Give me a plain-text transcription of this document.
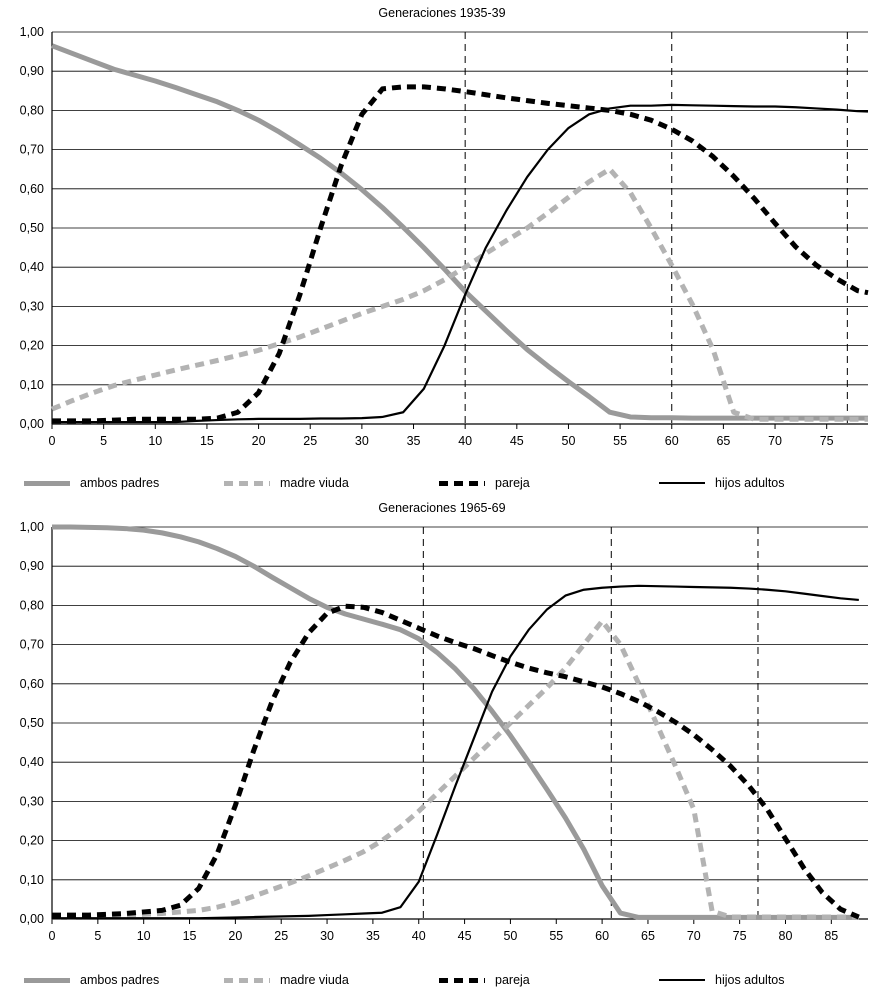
Generaciones 1935-39
0,00
0,10
0,20
0,30
0,40
0,50
0,60
0,70
0,80
0,90
1,00
0	5	10	15	20	25	30	35	40	45	50	55	60	65	70	75
ambos padres	madre viuda	pareja	hijos adultos
Generaciones 1965-69
0,00
0,10
0,20
0,30
0,40
0,50
0,60
0,70
0,80
0,90
1,00
0	5	10	15	20	25	30	35	40	45	50	55	60	65	70	75	80	85
ambos padres	madre viuda	pareja	hijos adultos
